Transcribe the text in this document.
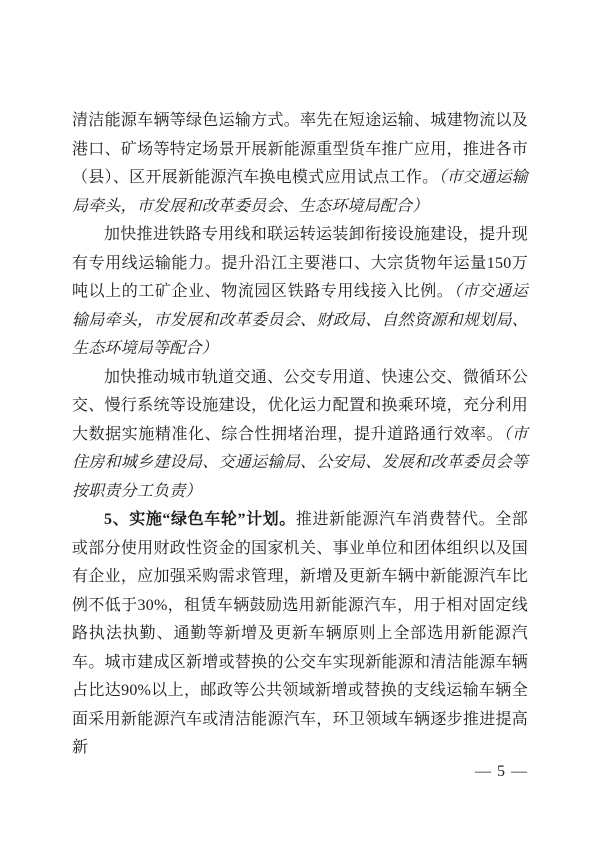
清洁能源车辆等绿色运输方式。率先在短途运输、城建物流以及港口、矿场等特定场景开展新能源重型货车推广应用，推进各市（县）、区开展新能源汽车换电模式应用试点工作。（市交通运输局牵头，市发展和改革委员会、生态环境局配合）

加快推进铁路专用线和联运转运装卸衔接设施建设，提升现有专用线运输能力。提升沿江主要港口、大宗货物年运量150万吨以上的工矿企业、物流园区铁路专用线接入比例。（市交通运输局牵头，市发展和改革委员会、财政局、自然资源和规划局、生态环境局等配合）

加快推动城市轨道交通、公交专用道、快速公交、微循环公交、慢行系统等设施建设，优化运力配置和换乘环境，充分利用大数据实施精准化、综合性拥堵治理，提升道路通行效率。（市住房和城乡建设局、交通运输局、公安局、发展和改革委员会等按职责分工负责）

5、实施“绿色车轮”计划。推进新能源汽车消费替代。全部或部分使用财政性资金的国家机关、事业单位和团体组织以及国有企业，应加强采购需求管理，新增及更新车辆中新能源汽车比例不低于30%，租赁车辆鼓励选用新能源汽车，用于相对固定线路执法执勤、通勤等新增及更新车辆原则上全部选用新能源汽车。城市建成区新增或替换的公交车实现新能源和清洁能源车辆占比达90%以上，邮政等公共领域新增或替换的支线运输车辆全面采用新能源汽车或清洁能源汽车，环卫领域车辆逐步推进提高新

— 5 —
